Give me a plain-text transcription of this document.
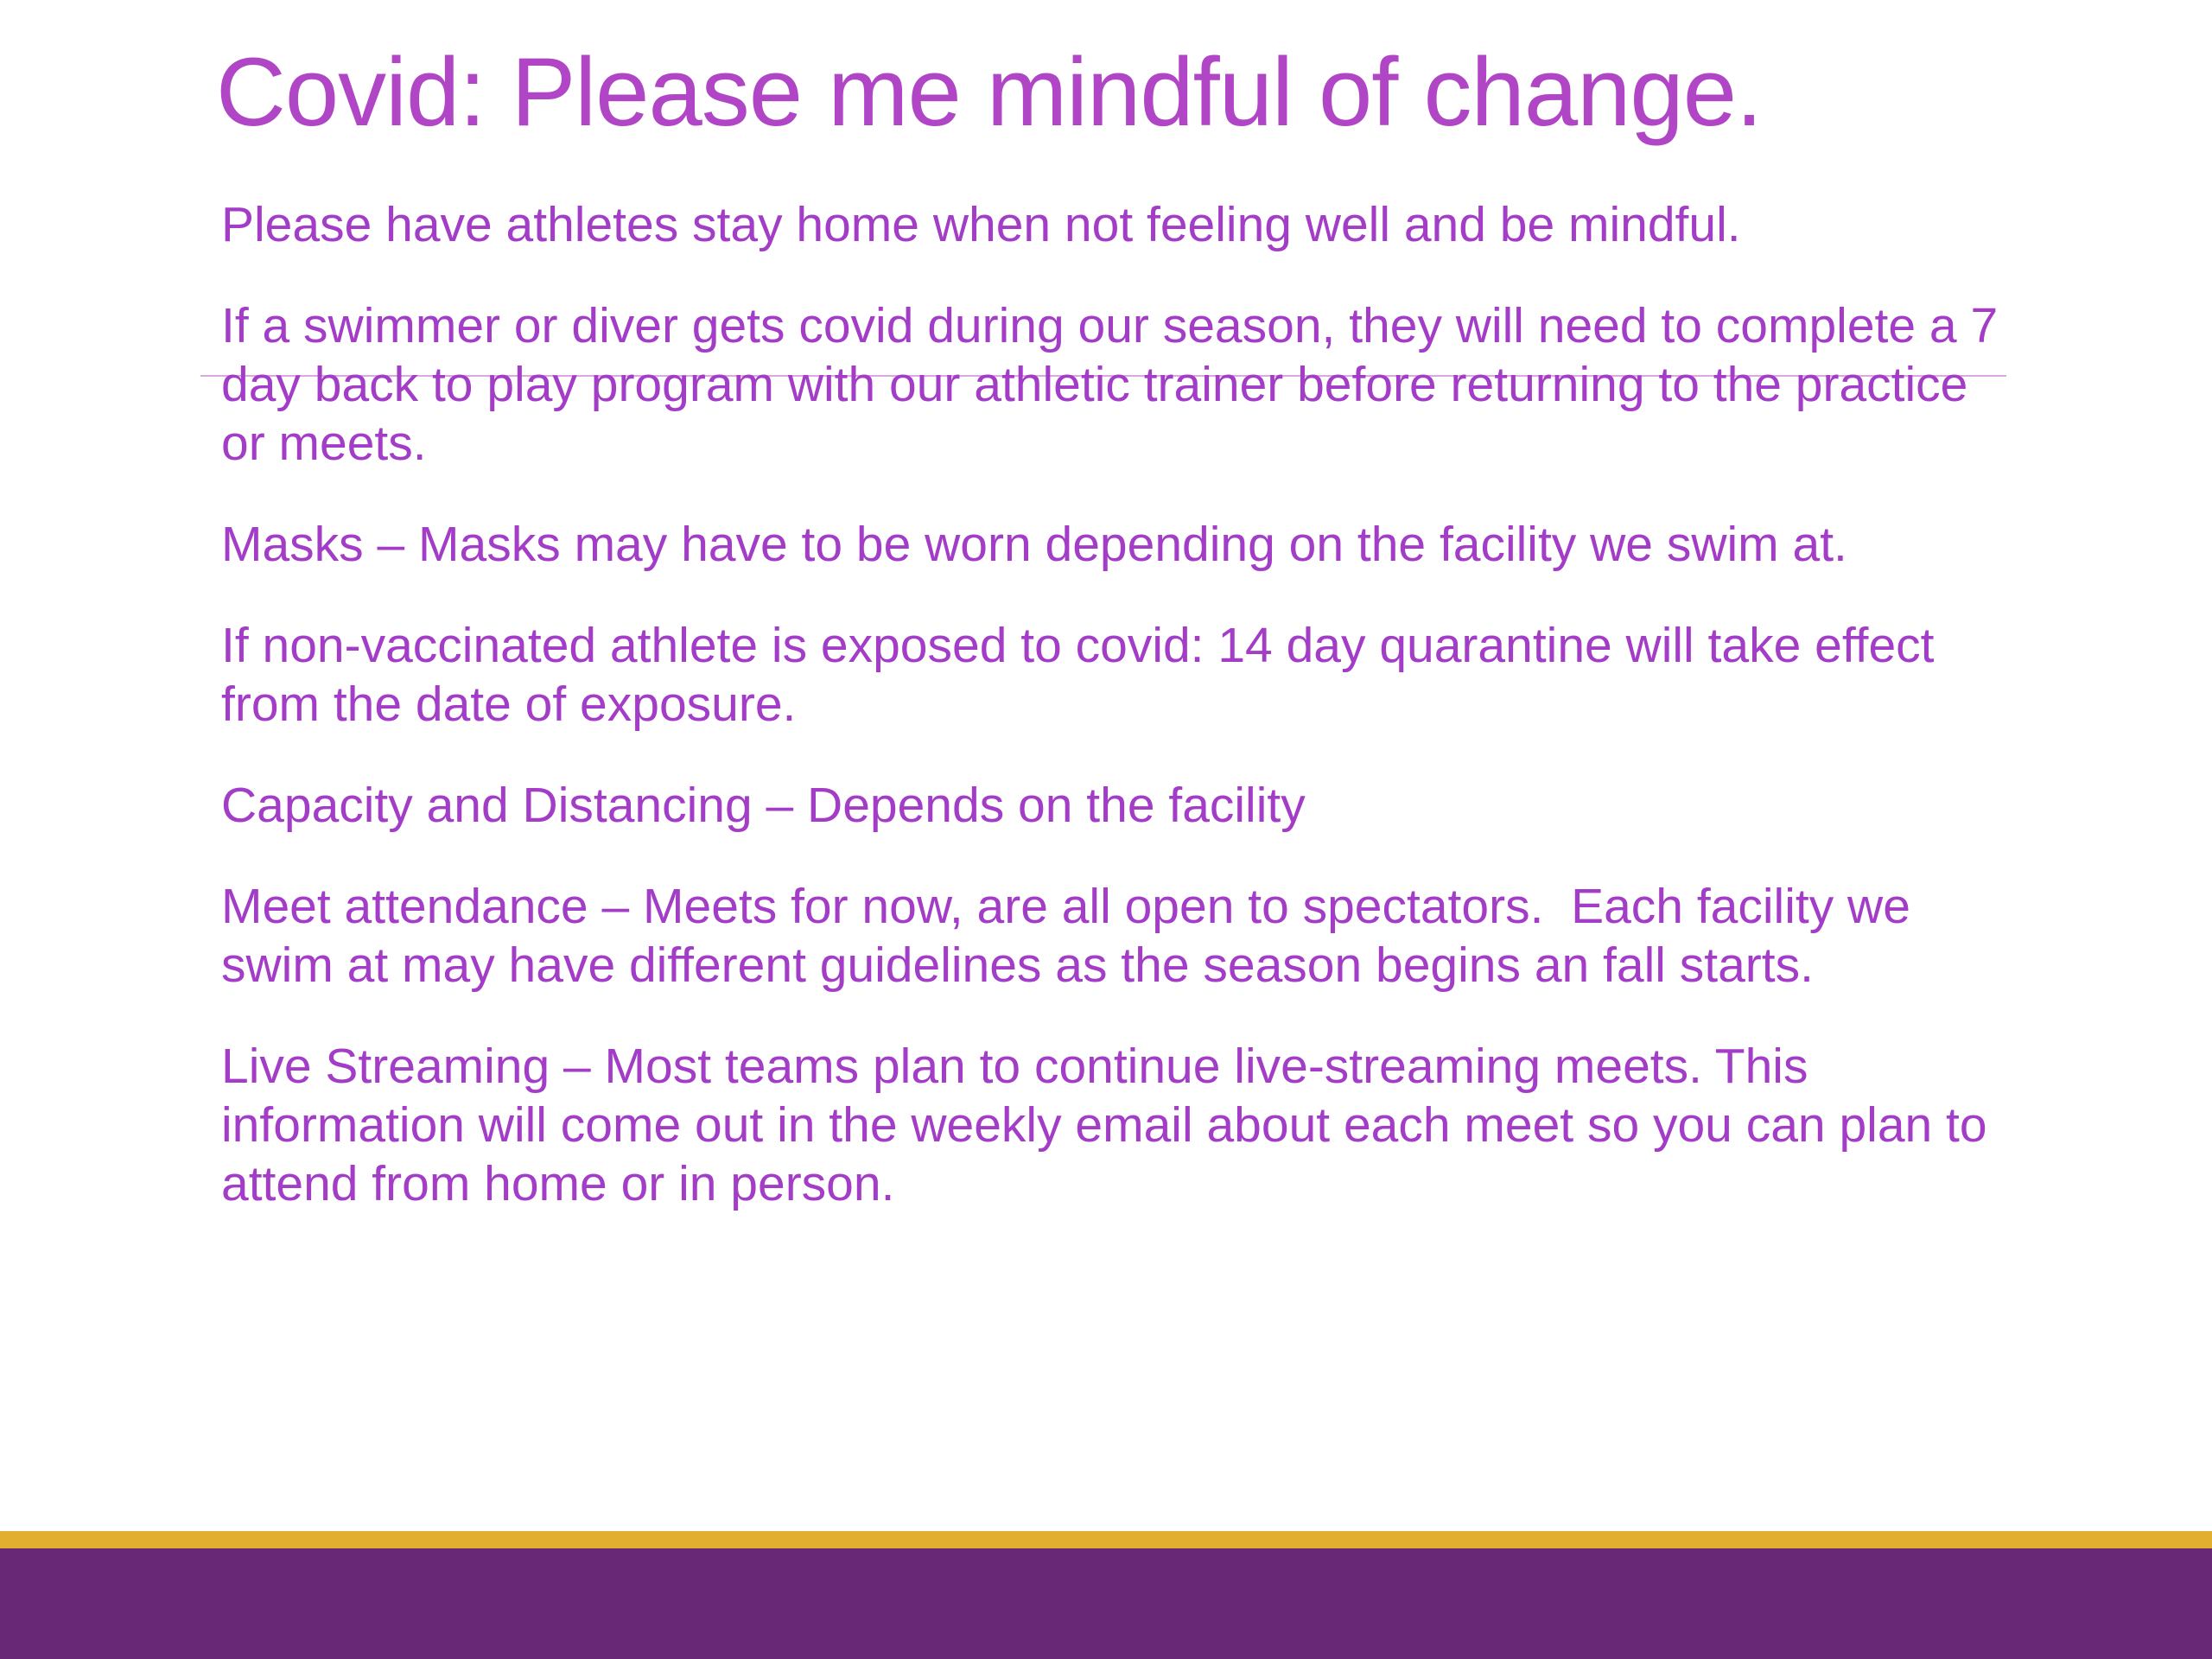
Covid: Please me mindful of change.
Please have athletes stay home when not feeling well and be mindful.
If a swimmer or diver gets covid during our season, they will need to complete a 7 day back to play program with our athletic trainer before returning to the practice or meets.
Masks – Masks may have to be worn depending on the facility we swim at.
If non-vaccinated athlete is exposed to covid: 14 day quarantine will take effect from the date of exposure.
Capacity and Distancing – Depends on the facility
Meet attendance – Meets for now, are all open to spectators.  Each facility we swim at may have different guidelines as the season begins an fall starts.
Live Streaming – Most teams plan to continue live-streaming meets. This information will come out in the weekly email about each meet so you can plan to attend from home or in person.
